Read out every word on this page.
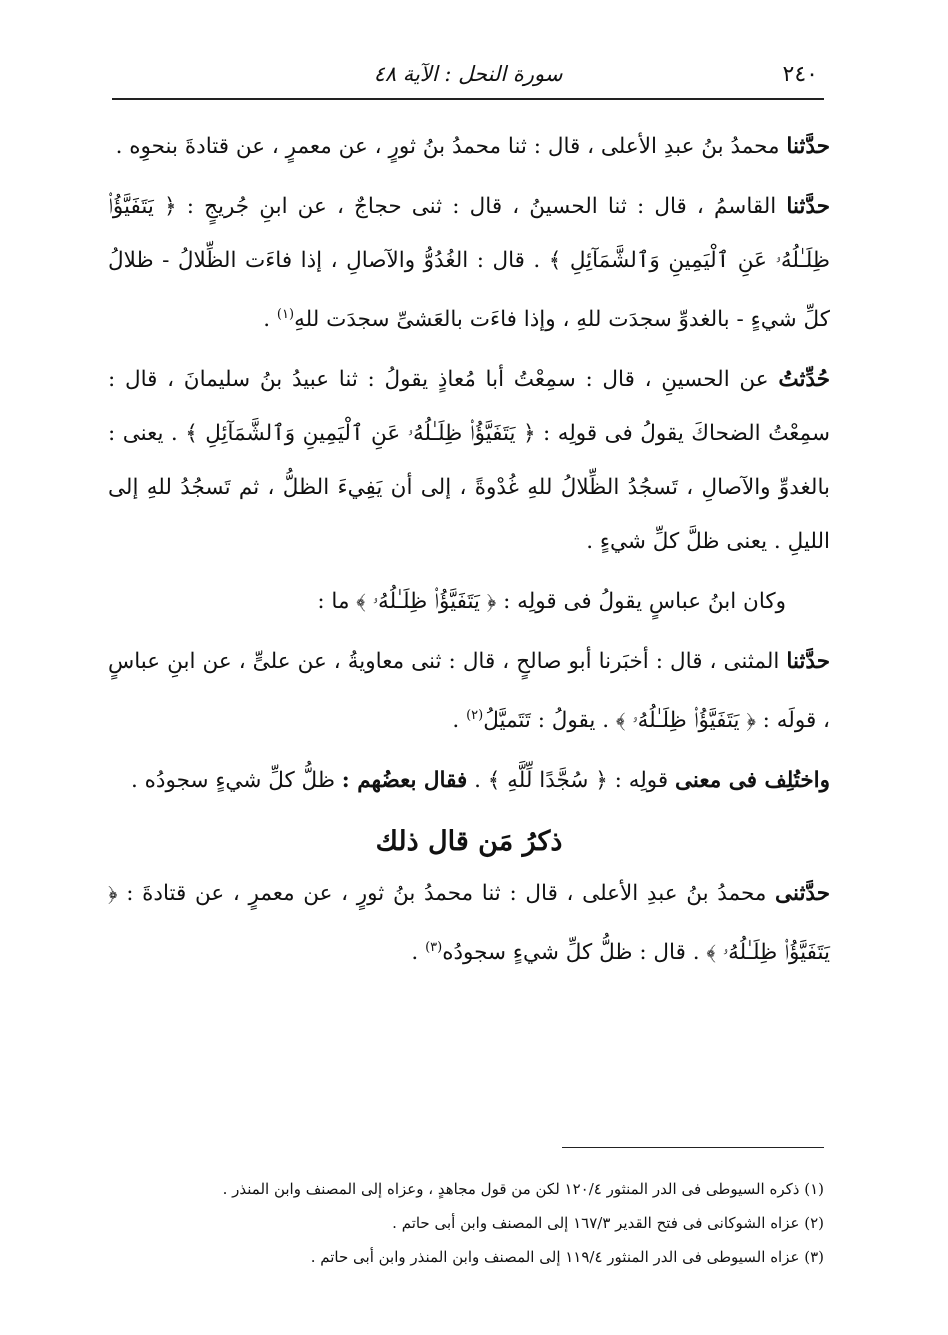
٢٤٠
سورة النحل : الآية ٤٨

حدَّثنا محمدُ بنُ عبدِ الأعلى ، قال : ثنا محمدُ بنُ ثورٍ ، عن معمرٍ ، عن قتادةَ بنحوِه .

حدَّثنا القاسمُ ، قال : ثنا الحسينُ ، قال : ثنى حجاجٌ ، عن ابنِ جُريجٍ : ﴿ يَتَفَيَّؤُا۟ ظِلَـٰلُهُۥ عَنِ ٱلْيَمِينِ وَٱلشَّمَآئِلِ ﴾ . قال : الغُدُوُّ والآصالِ ، إذا فاءَت الظِّلالُ - ظلالُ كلِّ شيءٍ - بالغدوِّ سجدَت للهِ ، وإذا فاءَت بالعَشىِّ سجدَت للهِ$^{(١)}$ .

حُدِّثتُ عن الحسينِ ، قال : سمِعْتُ أبا مُعاذٍ يقولُ : ثنا عبيدُ بنُ سليمانَ ، قال : سمِعْتُ الضحاكَ يقولُ فى قولِه : ﴿ يَتَفَيَّؤُا۟ ظِلَـٰلُهُۥ عَنِ ٱلْيَمِينِ وَٱلشَّمَآئِلِ ﴾ . يعنى : بالغدوِّ والآصالِ ، تَسجُدُ الظِّلالُ للهِ غُدْوةً ، إلى أن يَفِيءَ الظلُّ ، ثم تَسجُدُ للهِ إلى الليلِ . يعنى ظلَّ كلِّ شيءٍ .

وكان ابنُ عباسٍ يقولُ فى قولِه : ﴿ يَتَفَيَّؤُا۟ ظِلَـٰلُهُۥ ﴾ ما :

حدَّثنا المثنى ، قال : أخبَرنا أبو صالحٍ ، قال : ثنى معاويةُ ، عن علىٍّ ، عن ابنِ عباسٍ ، قولَه : ﴿ يَتَفَيَّؤُا۟ ظِلَـٰلُهُۥ ﴾ . يقولُ : تَتَميَّلُ$^{(٢)}$ .

واختُلِف فى معنى قولِه : ﴿ سُجَّدًا لِّلَّهِ ﴾ . فقال بعضُهم : ظلُّ كلِّ شيءٍ سجودُه .

ذكرُ مَن قال ذلك

حدَّثنى محمدُ بنُ عبدِ الأعلى ، قال : ثنا محمدُ بنُ ثورٍ ، عن معمرٍ ، عن قتادةَ : ﴿ يَتَفَيَّؤُا۟ ظِلَـٰلُهُۥ ﴾ . قال : ظلُّ كلِّ شيءٍ سجودُه$^{(٣)}$ .

(١) ذكره السيوطى فى الدر المنثور ١٢٠/٤ لكن من قول مجاهدٍ ، وعزاه إلى المصنف وابن المنذر .
(٢) عزاه الشوكانى فى فتح القدير ١٦٧/٣ إلى المصنف وابن أبى حاتم .
(٣) عزاه السيوطى فى الدر المنثور ١١٩/٤ إلى المصنف وابن المنذر وابن أبى حاتم .
